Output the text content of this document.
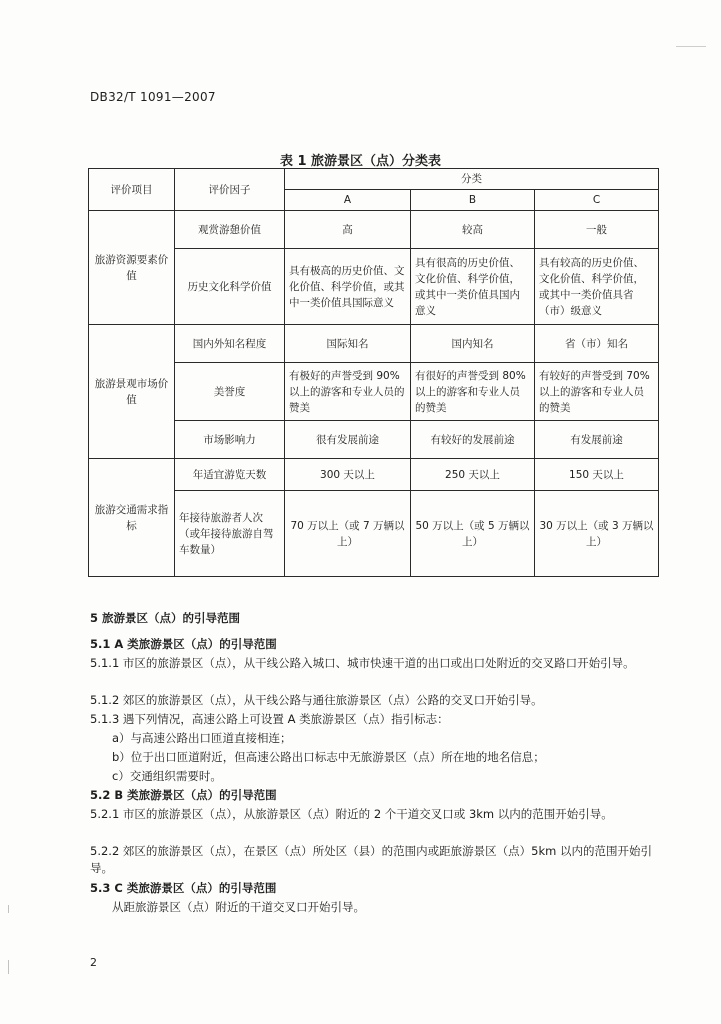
DB32/T 1091—2007
表 1 旅游景区（点）分类表
评价项目	评价因子	分类		
		A	B	C
旅游资源要素价值	观赏游憩价值	高	较高	一般
	历史文化科学价值	具有极高的历史价值、文化价值、科学价值，或其中一类价值具国际意义	具有很高的历史价值、文化价值、科学价值，或其中一类价值具国内意义	具有较高的历史价值、文化价值、科学价值，或其中一类价值具省（市）级意义
旅游景观市场价值	国内外知名程度	国际知名	国内知名	省（市）知名
	美誉度	有极好的声誉受到 90%以上的游客和专业人员的赞美	有很好的声誉受到 80%以上的游客和专业人员的赞美	有较好的声誉受到 70%以上的游客和专业人员的赞美
	市场影响力	很有发展前途	有较好的发展前途	有发展前途
旅游交通需求指标	年适宜游览天数	300 天以上	250 天以上	150 天以上
	年接待旅游者人次（或年接待旅游自驾车数量）	70 万以上（或 7 万辆以上）	50 万以上（或 5 万辆以上）	30 万以上（或 3 万辆以上）
5 旅游景区（点）的引导范围
5.1 A 类旅游景区（点）的引导范围
5.1.1 市区的旅游景区（点），从干线公路入城口、城市快速干道的出口或出口处附近的交叉路口开始引导。
5.1.2 郊区的旅游景区（点），从干线公路与通往旅游景区（点）公路的交叉口开始引导。
5.1.3 遇下列情况，高速公路上可设置 A 类旅游景区（点）指引标志：
a）与高速公路出口匝道直接相连；
b）位于出口匝道附近，但高速公路出口标志中无旅游景区（点）所在地的地名信息；
c）交通组织需要时。
5.2 B 类旅游景区（点）的引导范围
5.2.1 市区的旅游景区（点），从旅游景区（点）附近的 2 个干道交叉口或 3km 以内的范围开始引导。
5.2.2 郊区的旅游景区（点），在景区（点）所处区（县）的范围内或距旅游景区（点）5km 以内的范围开始引导。
5.3 C 类旅游景区（点）的引导范围
从距旅游景区（点）附近的干道交叉口开始引导。
2
